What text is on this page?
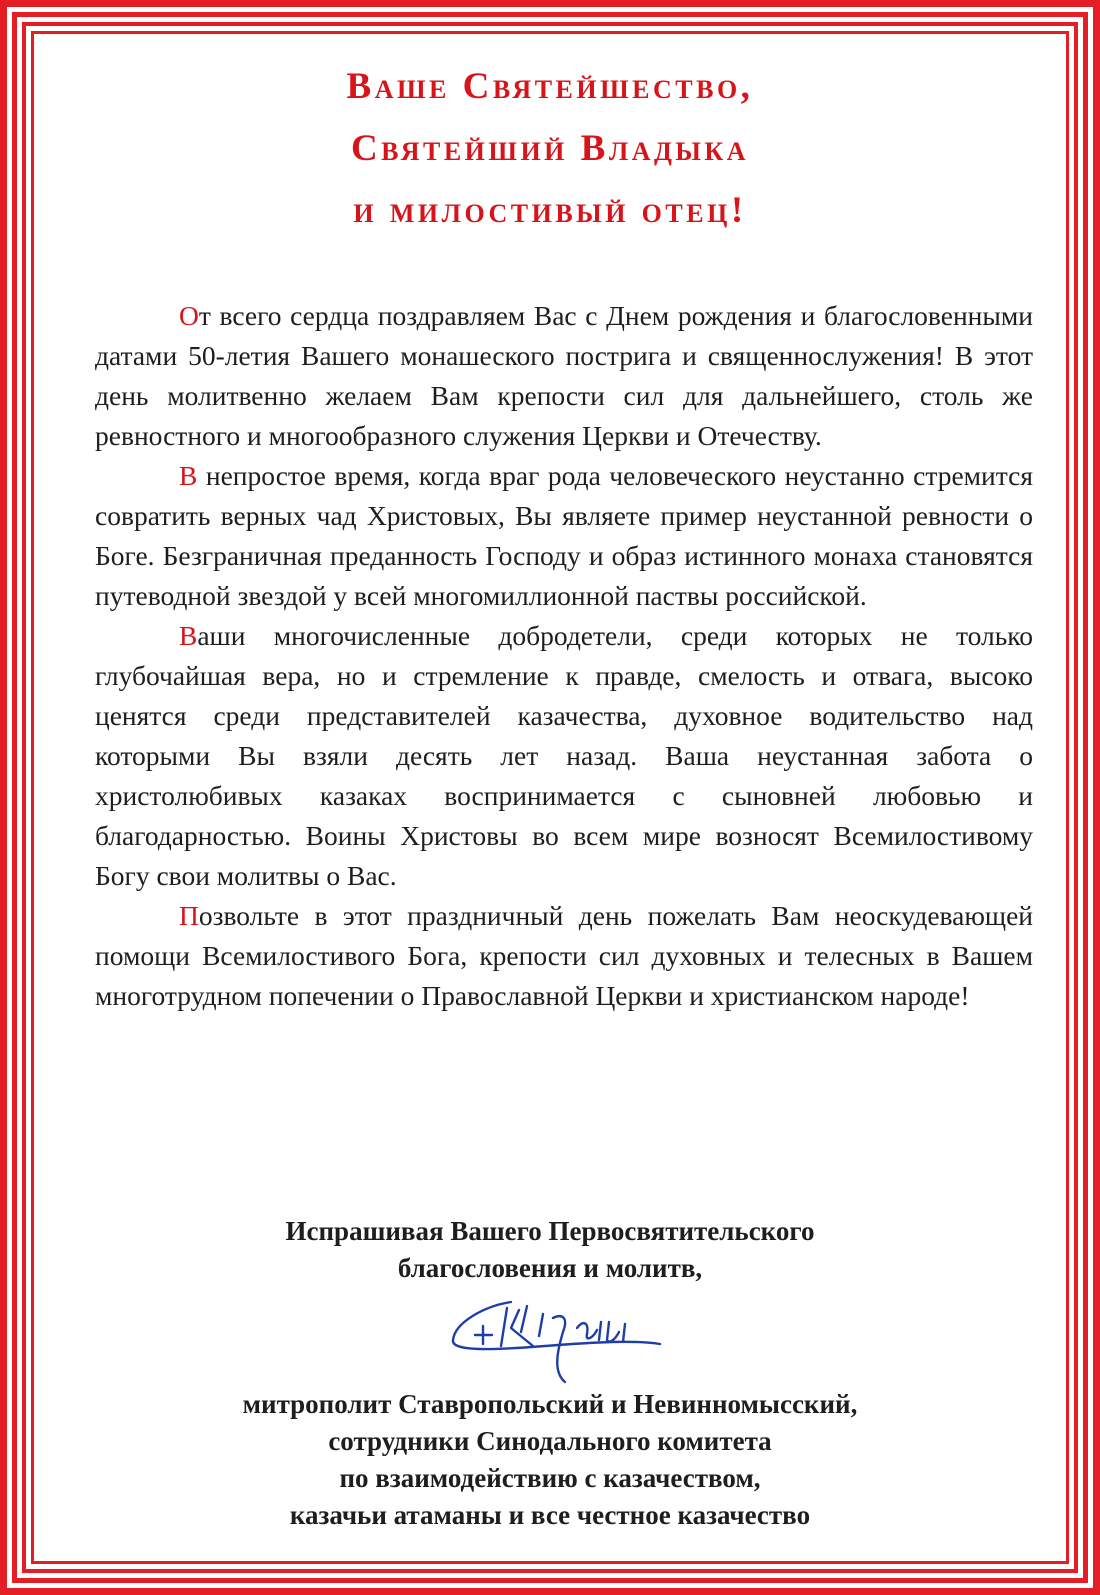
Ваше Святейшество,
Святейший Владыка
и милостивый отец!

От всего сердца поздравляем Вас с Днем рождения и благословенными датами 50-летия Вашего монашеского пострига и священнослужения! В этот день молитвенно желаем Вам крепости сил для дальнейшего, столь же ревностного и многообразного служения Церкви и Отечеству.

В непростое время, когда враг рода человеческого неустанно стремится совратить верных чад Христовых, Вы являете пример неустанной ревности о Боге. Безграничная преданность Господу и образ истинного монаха становятся путеводной звездой у всей многомиллионной паствы российской.

Ваши многочисленные добродетели, среди которых не только глубочайшая вера, но и стремление к правде, смелость и отвага, высоко ценятся среди представителей казачества, духовное водительство над которыми Вы взяли десять лет назад. Ваша неустанная забота о христолюбивых казаках воспринимается с сыновней любовью и благодарностью. Воины Христовы во всем мире возносят Всемилостивому Богу свои молитвы о Вас.

Позвольте в этот праздничный день пожелать Вам неоскудевающей помощи Всемилостивого Бога, крепости сил духовных и телесных в Вашем многотрудном попечении о Православной Церкви и христианском народе!

Испрашивая Вашего Первосвятительского
благословения и молитв,
митрополит Ставропольский и Невинномысский,
сотрудники Синодального комитета
по взаимодействию с казачеством,
казачьи атаманы и все честное казачество
